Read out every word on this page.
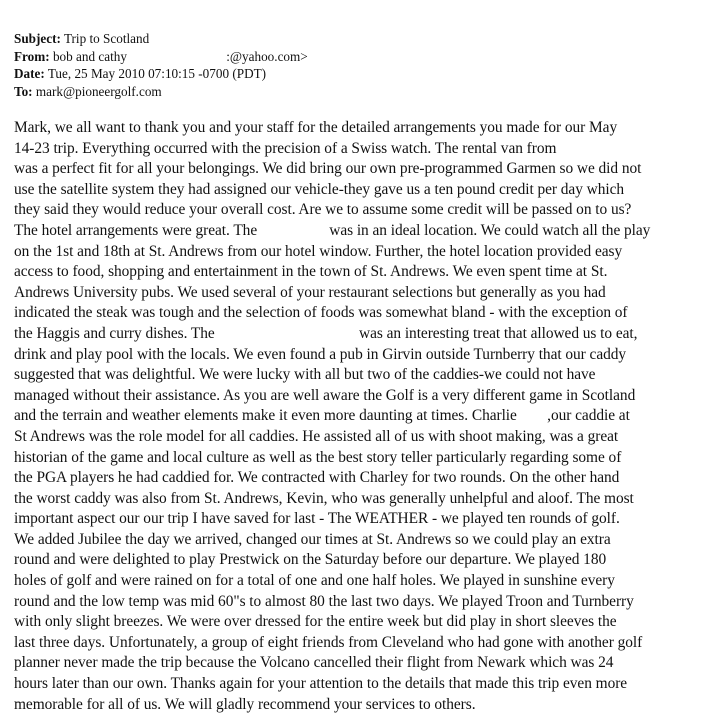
Subject: Trip to Scotland
From: bob and cathy	:@yahoo.com>
Date: Tue, 25 May 2010 07:10:15 -0700 (PDT)
To: mark@pioneergolf.com
Mark, we all want to thank you and your staff for the detailed arrangements you made for our May
14-23 trip. Everything occurred with the precision of a Swiss watch. The rental van from
was a perfect fit for all your belongings. We did bring our own pre-programmed Garmen so we did not
use the satellite system they had assigned our vehicle-they gave us a ten pound credit per day which
they said they would reduce your overall cost. Are we to assume some credit will be passed on to us?
The hotel arrangements were great. The                   was in an ideal location. We could watch all the play
on the 1st and 18th at St. Andrews from our hotel window. Further, the hotel location provided easy
access to food, shopping and entertainment in the town of St. Andrews. We even spent time at St.
Andrews University pubs. We used several of your restaurant selections but generally as you had
indicated the steak was tough and the selection of foods was somewhat bland - with the exception of
the Haggis and curry dishes. The                                      was an interesting treat that allowed us to eat,
drink and play pool with the locals. We even found a pub in Girvin outside Turnberry that our caddy
suggested that was delightful. We were lucky with all but two of the caddies-we could not have
managed without their assistance. As you are well aware the Golf is a very different game in Scotland
and the terrain and weather elements make it even more daunting at times. Charlie        ,our caddie at
St Andrews was the role model for all caddies. He assisted all of us with shoot making, was a great
historian of the game and local culture as well as the best story teller particularly regarding some of
the PGA players he had caddied for. We contracted with Charley for two rounds. On the other hand
the worst caddy was also from St. Andrews, Kevin, who was generally unhelpful and aloof. The most
important aspect our our trip I have saved for last - The WEATHER - we played ten rounds of golf.
We added Jubilee the day we arrived, changed our times at St. Andrews so we could play an extra
round and were delighted to play Prestwick on the Saturday before our departure. We played 180
holes of golf and were rained on for a total of one and one half holes. We played in sunshine every
round and the low temp was mid 60"s to almost 80 the last two days. We played Troon and Turnberry
with only slight breezes. We were over dressed for the entire week but did play in short sleeves the
last three days. Unfortunately, a group of eight friends from Cleveland who had gone with another golf
planner never made the trip because the Volcano cancelled their flight from Newark which was 24
hours later than our own. Thanks again for your attention to the details that made this trip even more
memorable for all of us. We will gladly recommend your services to others.
